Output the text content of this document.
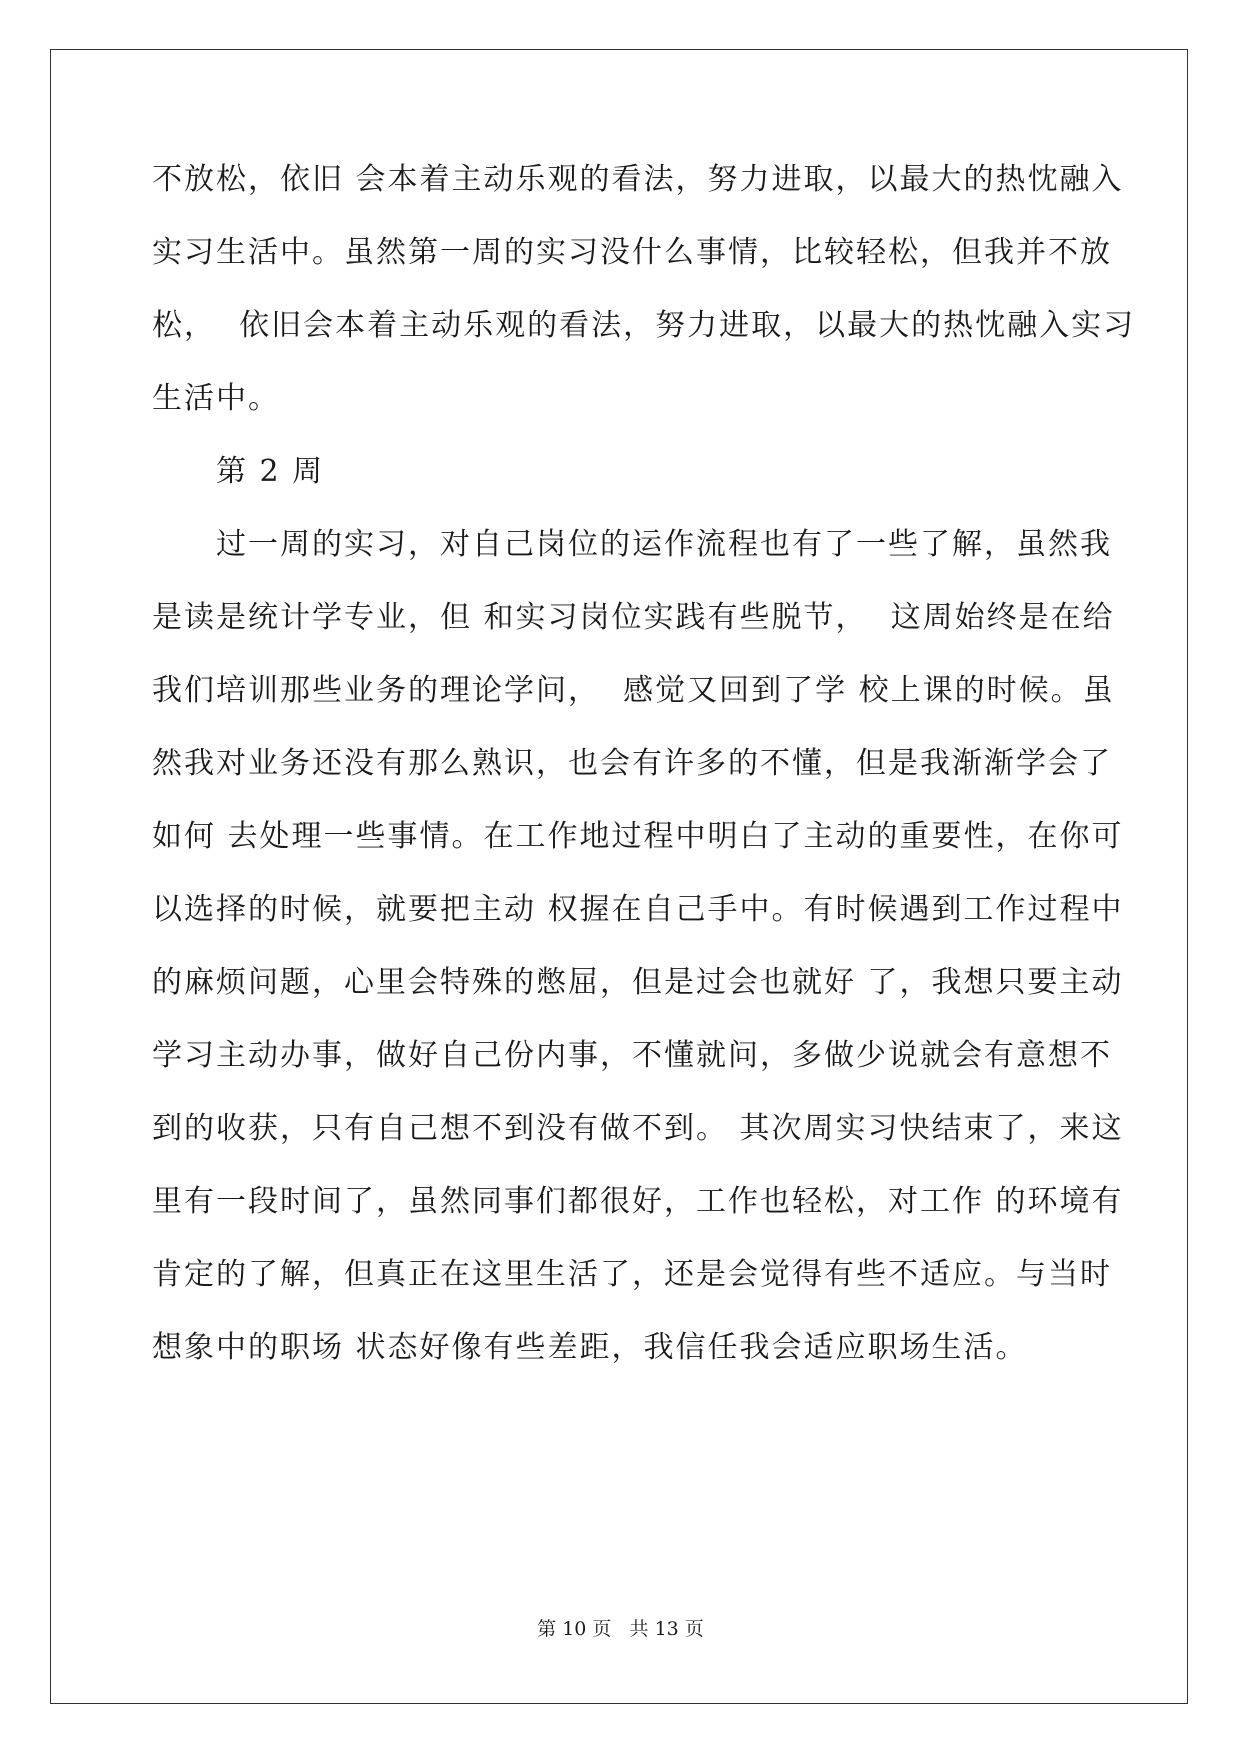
不放松，依旧 会本着主动乐观的看法，努力进取，以最大的热忱融入
实习生活中。虽然第一周的实习没什么事情，比较轻松，但我并不放
松，  依旧会本着主动乐观的看法，努力进取，以最大的热忱融入实习
生活中。
第 2 周
过一周的实习，对自己岗位的运作流程也有了一些了解，虽然我
是读是统计学专业，但 和实习岗位实践有些脱节，  这周始终是在给
我们培训那些业务的理论学问，  感觉又回到了学 校上课的时候。虽
然我对业务还没有那么熟识，也会有许多的不懂，但是我渐渐学会了
如何 去处理一些事情。在工作地过程中明白了主动的重要性，在你可
以选择的时候，就要把主动 权握在自己手中。有时候遇到工作过程中
的麻烦问题，心里会特殊的憋屈，但是过会也就好 了，我想只要主动
学习主动办事，做好自己份内事，不懂就问，多做少说就会有意想不
到的收获，只有自己想不到没有做不到。 其次周实习快结束了，来这
里有一段时间了，虽然同事们都很好，工作也轻松，对工作 的环境有
肯定的了解，但真正在这里生活了，还是会觉得有些不适应。与当时
想象中的职场 状态好像有些差距，我信任我会适应职场生活。
第 10 页   共 13 页
